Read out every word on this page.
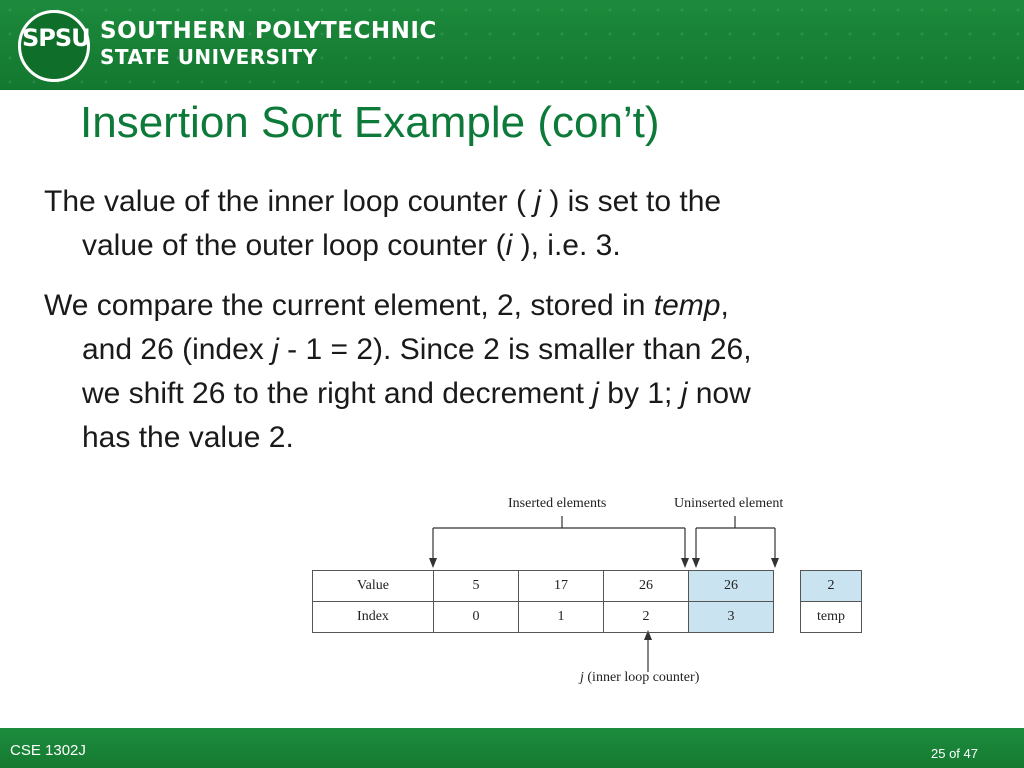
SPSU SOUTHERN POLYTECHNIC
STATE UNIVERSITY
Insertion Sort Example (con’t)
The value of the inner loop counter ( j ) is set to the
value of the outer loop counter (i ), i.e. 3.
We compare the current element, 2, stored in temp,
and 26 (index j - 1 = 2). Since 2 is smaller than 26,
we shift 26 to the right and decrement j by 1; j now
has the value 2.
Inserted elements	Uninserted element
Value	5	17	26	26
Index	0	1	2	3
2
temp
j (inner loop counter)
CSE 1302J	25 of 47
